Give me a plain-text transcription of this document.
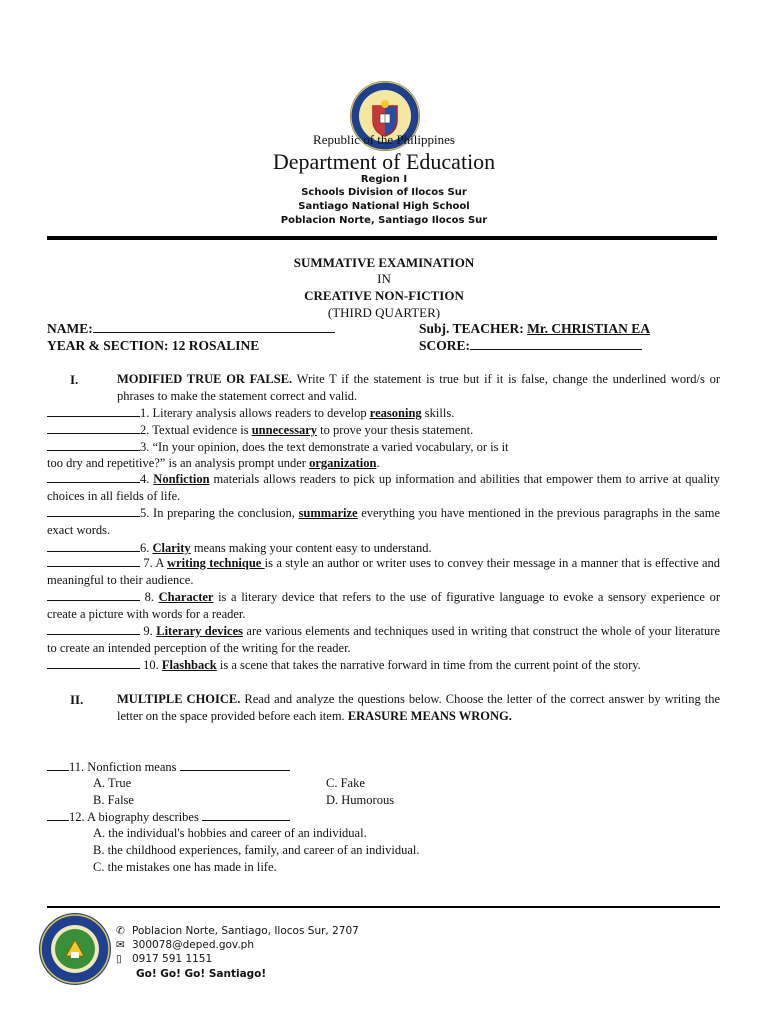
Republic of the Philippines
Department of Education
Region I
Schools Division of Ilocos Sur
Santiago National High School
Poblacion Norte, Santiago Ilocos Sur
SUMMATIVE EXAMINATION
IN
CREATIVE NON-FICTION
(THIRD QUARTER)
NAME:	Subj. TEACHER: Mr. CHRISTIAN EA
YEAR & SECTION: 12 ROSALINE	SCORE:
I.	MODIFIED TRUE OR FALSE. Write T if the statement is true but if it is false, change the underlined word/s or phrases to make the statement correct and valid.
1. Literary analysis allows readers to develop reasoning skills.
2. Textual evidence is unnecessary to prove your thesis statement.
3. “In your opinion, does the text demonstrate a varied vocabulary, or is it
too dry and repetitive?” is an analysis prompt under organization.
4. Nonfiction materials allows readers to pick up information and abilities that empower them to arrive at quality choices in all fields of life.
5. In preparing the conclusion, summarize everything you have mentioned in the previous paragraphs in the same exact words.
6. Clarity means making your content easy to understand.
7. A writing technique is a style an author or writer uses to convey their message in a manner that is effective and meaningful to their audience.
8. Character is a literary device that refers to the use of figurative language to evoke a sensory experience or create a picture with words for a reader.
9. Literary devices are various elements and techniques used in writing that construct the whole of your literature to create an intended perception of the writing for the reader.
10. Flashback is a scene that takes the narrative forward in time from the current point of the story.
II.	MULTIPLE CHOICE. Read and analyze the questions below. Choose the letter of the correct answer by writing the letter on the space provided before each item. ERASURE MEANS WRONG.
11. Nonfiction means
A. True	C. Fake
B. False	D. Humorous
12. A biography describes
A. the individual's hobbies and career of an individual.
B. the childhood experiences, family, and career of an individual.
C. the mistakes one has made in life.
✆ Poblacion Norte, Santiago, Ilocos Sur, 2707
✉ 300078@deped.gov.ph
▯ 0917 591 1151
Go! Go! Go! Santiago!
